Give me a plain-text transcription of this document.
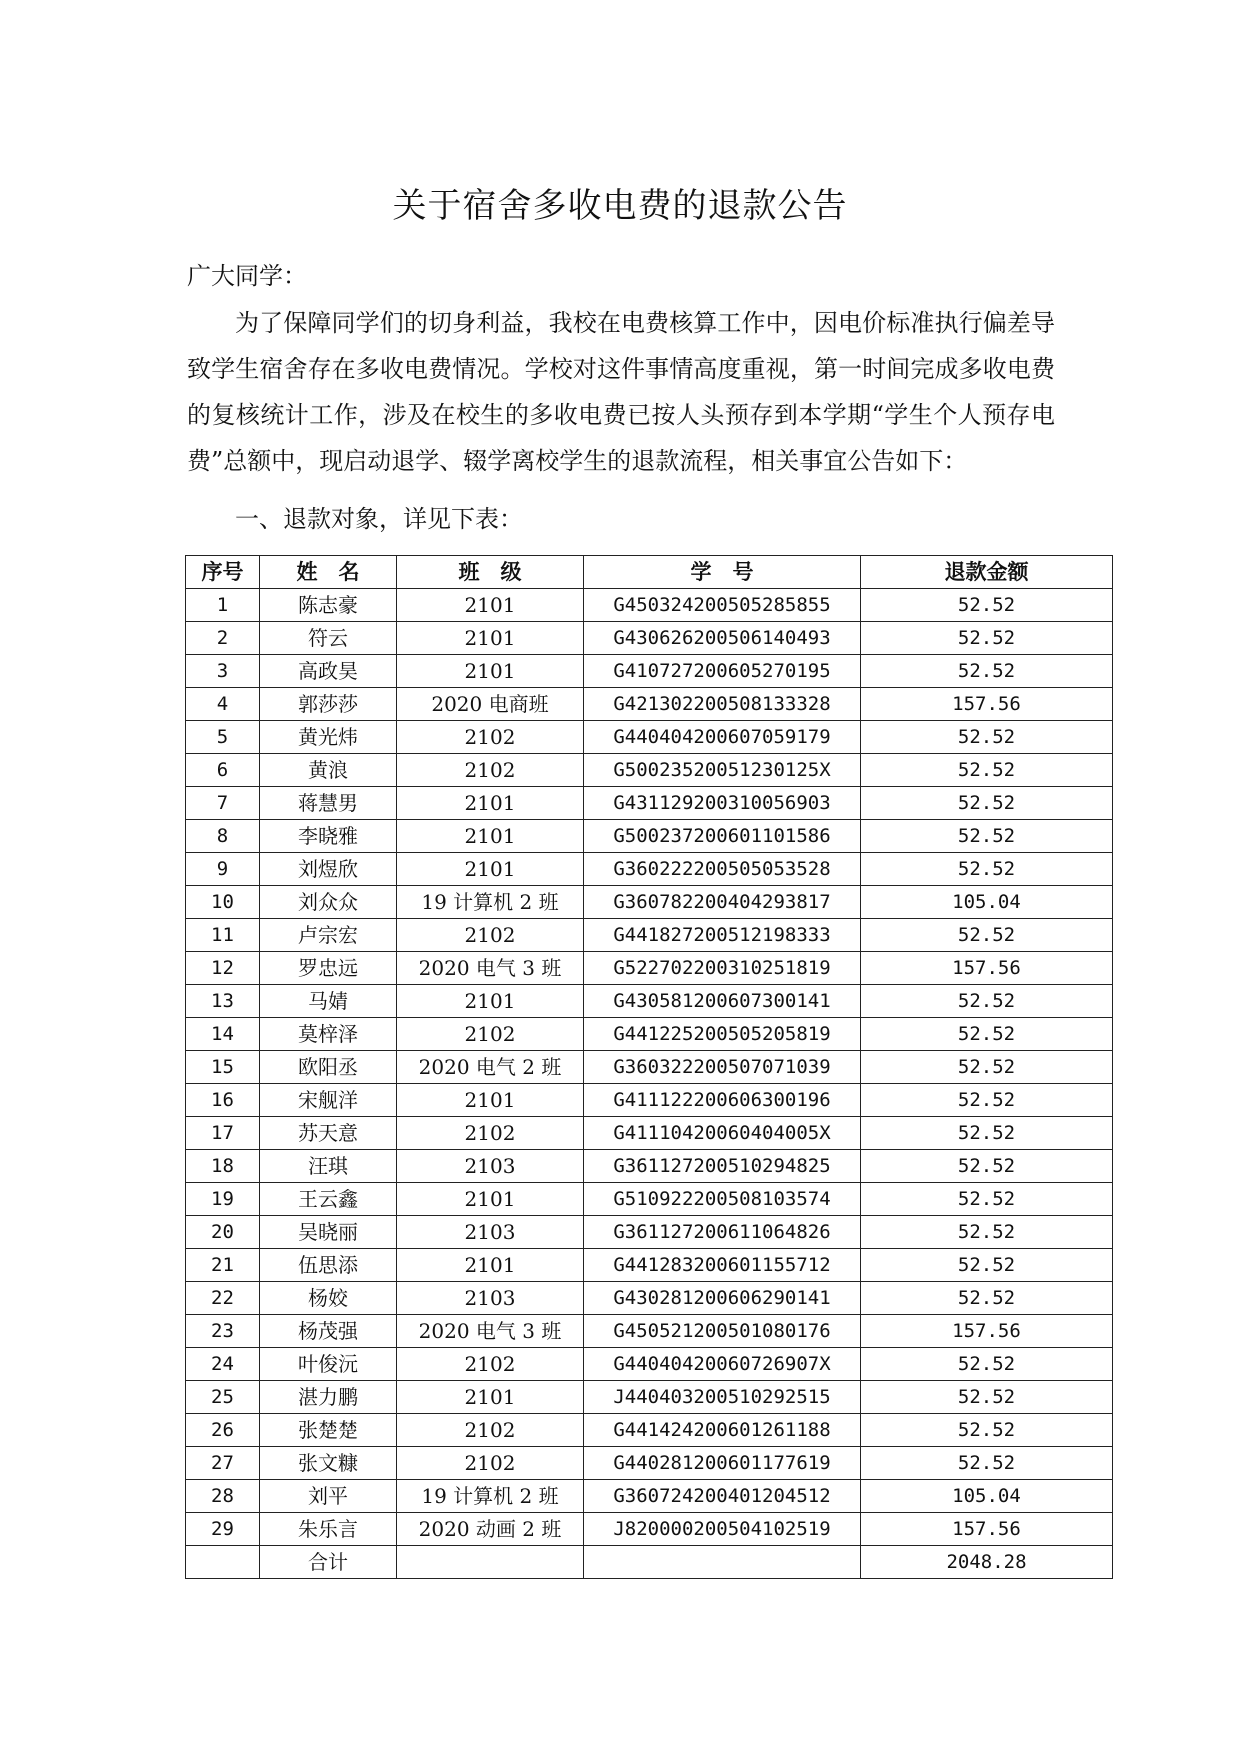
关于宿舍多收电费的退款公告
广大同学：
为了保障同学们的切身利益，我校在电费核算工作中，因电价标准执行偏差导致学生宿舍存在多收电费情况。学校对这件事情高度重视，第一时间完成多收电费的复核统计工作，涉及在校生的多收电费已按人头预存到本学期“学生个人预存电费”总额中，现启动退学、辍学离校学生的退款流程，相关事宜公告如下：
一、退款对象，详见下表：
序号	姓　名	班　级	学　号	退款金额
1	陈志豪	2101	G450324200505285855	52.52
2	符云	2101	G430626200506140493	52.52
3	高政昊	2101	G410727200605270195	52.52
4	郭莎莎	2020 电商班	G421302200508133328	157.56
5	黄光炜	2102	G440404200607059179	52.52
6	黄浪	2102	G50023520051230125X	52.52
7	蒋慧男	2101	G431129200310056903	52.52
8	李晓雅	2101	G500237200601101586	52.52
9	刘煜欣	2101	G360222200505053528	52.52
10	刘众众	19 计算机 2 班	G360782200404293817	105.04
11	卢宗宏	2102	G441827200512198333	52.52
12	罗忠远	2020 电气 3 班	G522702200310251819	157.56
13	马婧	2101	G430581200607300141	52.52
14	莫梓泽	2102	G441225200505205819	52.52
15	欧阳丞	2020 电气 2 班	G360322200507071039	52.52
16	宋舰洋	2101	G411122200606300196	52.52
17	苏天意	2102	G41110420060404005X	52.52
18	汪琪	2103	G361127200510294825	52.52
19	王云鑫	2101	G510922200508103574	52.52
20	吴晓丽	2103	G361127200611064826	52.52
21	伍思添	2101	G441283200601155712	52.52
22	杨姣	2103	G430281200606290141	52.52
23	杨茂强	2020 电气 3 班	G450521200501080176	157.56
24	叶俊沅	2102	G44040420060726907X	52.52
25	湛力鹏	2101	J440403200510292515	52.52
26	张楚楚	2102	G441424200601261188	52.52
27	张文糠	2102	G440281200601177619	52.52
28	刘平	19 计算机 2 班	G360724200401204512	105.04
29	朱乐言	2020 动画 2 班	J820000200504102519	157.56
	合计			2048.28
